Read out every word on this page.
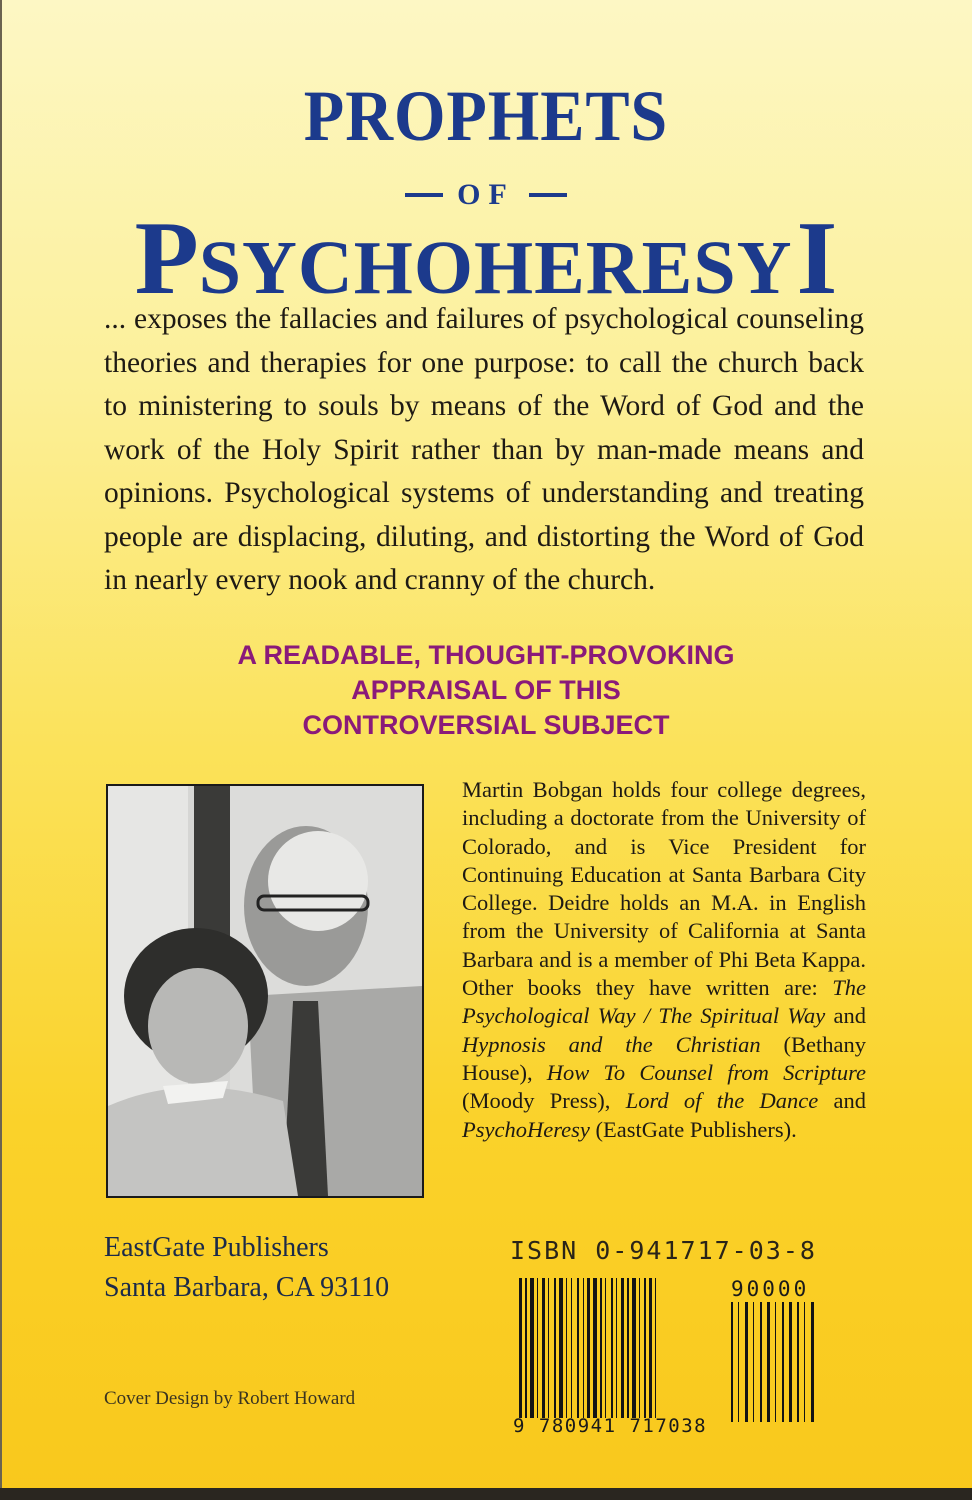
PROPHETS
OF
PSYCHOHERESY I
... exposes the fallacies and failures of psychological counseling theories and therapies for one purpose: to call the church back to ministering to souls by means of the Word of God and the work of the Holy Spirit rather than by man-made means and opinions. Psychological systems of understanding and treating people are displacing, diluting, and distorting the Word of God in nearly every nook and cranny of the church.
A READABLE, THOUGHT-PROVOKING
APPRAISAL OF THIS
CONTROVERSIAL SUBJECT
Martin Bobgan holds four college degrees, including a doctorate from the University of Colorado, and is Vice President for Continuing Education at Santa Barbara City College. Deidre holds an M.A. in English from the University of California at Santa Barbara and is a member of Phi Beta Kappa. Other books they have written are: The Psychological Way / The Spiritual Way and Hypnosis and the Christian (Bethany House), How To Counsel from Scripture (Moody Press), Lord of the Dance and PsychoHeresy (EastGate Publishers).
EastGate Publishers
Santa Barbara, CA 93110
Cover Design by Robert Howard
ISBN 0-941717-03-8
9 780941 717038
90000
